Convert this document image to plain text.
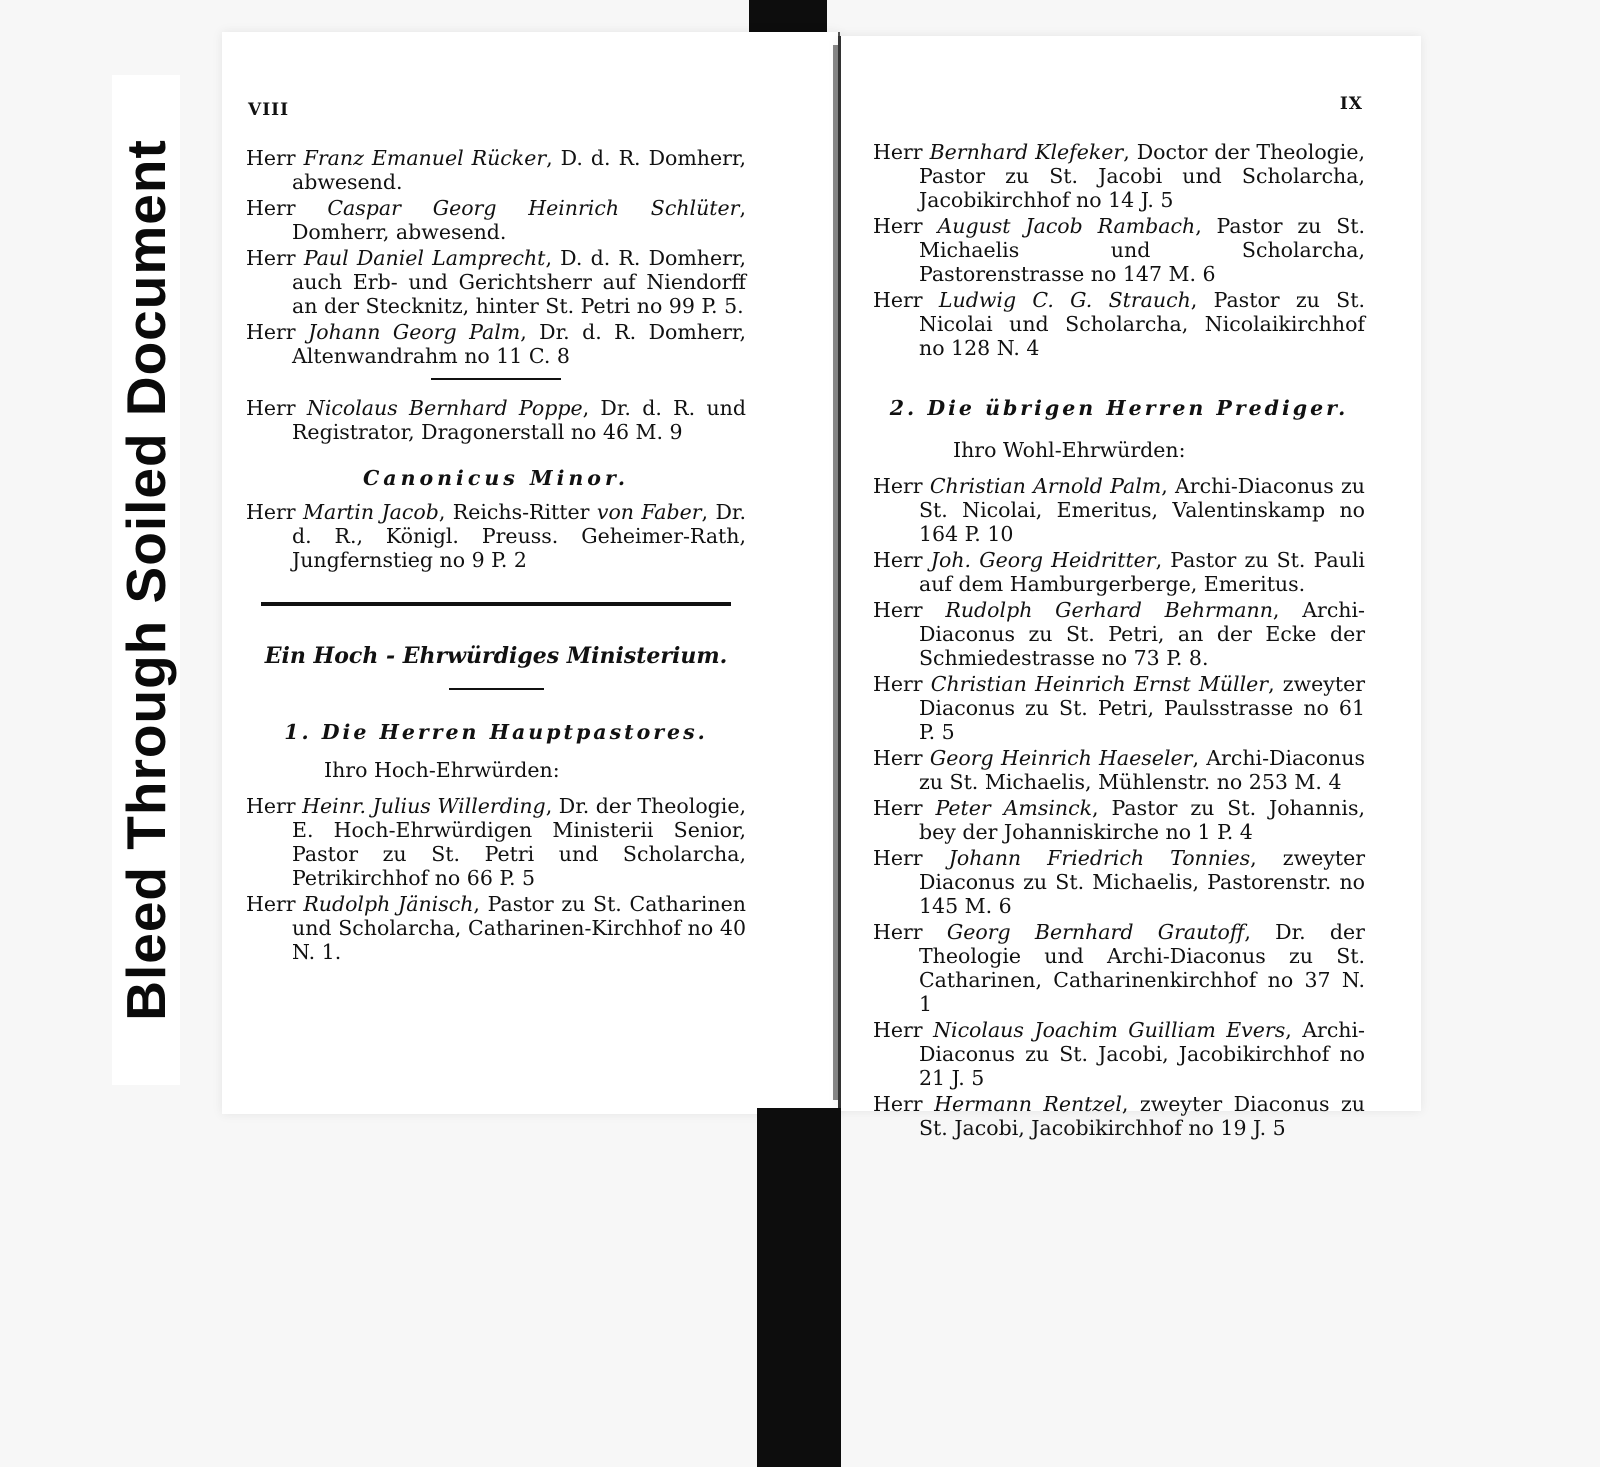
Bleed Through Soiled Document
VIII
Herr Franz Emanuel Rücker, D. d. R. Domherr, abwesend.
Herr Caspar Georg Heinrich Schlüter, Domherr, abwesend.
Herr Paul Daniel Lamprecht, D. d. R. Domherr, auch Erb- und Gerichtsherr auf Niendorff an der Stecknitz, hinter St. Petri no 99 P. 5.
Herr Johann Georg Palm, Dr. d. R. Domherr, Altenwandrahm no 11 C. 8
Herr Nicolaus Bernhard Poppe, Dr. d. R. und Registrator, Dragonerstall no 46 M. 9
Canonicus Minor.
Herr Martin Jacob, Reichs-Ritter von Faber, Dr. d. R., Königl. Preuss. Geheimer-Rath, Jungfernstieg no 9 P. 2
Ein Hoch - Ehrwürdiges Ministerium.
1. Die Herren Hauptpastores.
Ihro Hoch-Ehrwürden:
Herr Heinr. Julius Willerding, Dr. der Theologie, E. Hoch-Ehrwürdigen Ministerii Senior, Pastor zu St. Petri und Scholarcha, Petrikirchhof no 66 P. 5
Herr Rudolph Jänisch, Pastor zu St. Catharinen und Scholarcha, Catharinen-Kirchhof no 40 N. 1.
IX
Herr Bernhard Klefeker, Doctor der Theologie, Pastor zu St. Jacobi und Scholarcha, Jacobikirchhof no 14 J. 5
Herr August Jacob Rambach, Pastor zu St. Michaelis und Scholarcha, Pastorenstrasse no 147 M. 6
Herr Ludwig C. G. Strauch, Pastor zu St. Nicolai und Scholarcha, Nicolaikirchhof no 128 N. 4
2. Die übrigen Herren Prediger.
Ihro Wohl-Ehrwürden:
Herr Christian Arnold Palm, Archi-Diaconus zu St. Nicolai, Emeritus, Valentinskamp no 164 P. 10
Herr Joh. Georg Heidritter, Pastor zu St. Pauli auf dem Hamburgerberge, Emeritus.
Herr Rudolph Gerhard Behrmann, Archi-Diaconus zu St. Petri, an der Ecke der Schmiedestrasse no 73 P. 8.
Herr Christian Heinrich Ernst Müller, zweyter Diaconus zu St. Petri, Paulsstrasse no 61 P. 5
Herr Georg Heinrich Haeseler, Archi-Diaconus zu St. Michaelis, Mühlenstr. no 253 M. 4
Herr Peter Amsinck, Pastor zu St. Johannis, bey der Johanniskirche no 1 P. 4
Herr Johann Friedrich Tonnies, zweyter Diaconus zu St. Michaelis, Pastorenstr. no 145 M. 6
Herr Georg Bernhard Grautoff, Dr. der Theologie und Archi-Diaconus zu St. Catharinen, Catharinenkirchhof no 37 N. 1
Herr Nicolaus Joachim Guilliam Evers, Archi-Diaconus zu St. Jacobi, Jacobikirchhof no 21 J. 5
Herr Hermann Rentzel, zweyter Diaconus zu St. Jacobi, Jacobikirchhof no 19 J. 5
